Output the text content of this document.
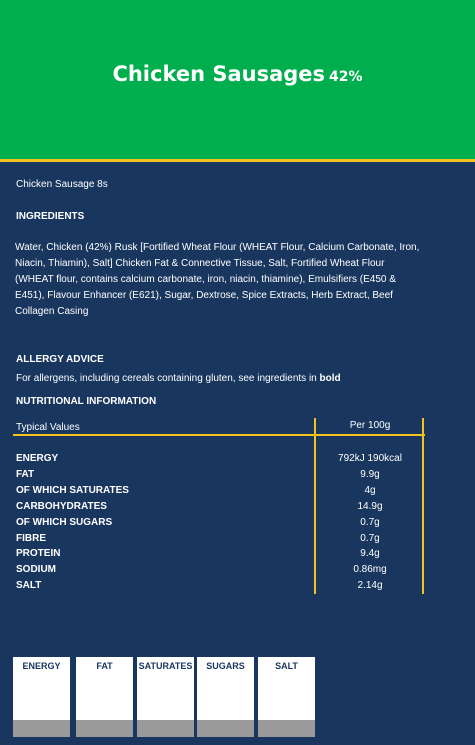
Chicken Sausages 42%
Chicken Sausage 8s
INGREDIENTS
Water, Chicken (42%) Rusk [Fortified Wheat Flour (WHEAT Flour, Calcium Carbonate, Iron, Niacin, Thiamin), Salt] Chicken Fat & Connective Tissue, Salt, Fortified Wheat Flour (WHEAT flour, contains calcium carbonate, iron, niacin, thiamine), Emulsifiers (E450 & E451), Flavour Enhancer (E621), Sugar, Dextrose, Spice Extracts, Herb Extract, Beef Collagen Casing
ALLERGY ADVICE
For allergens, including cereals containing gluten, see ingredients in bold
NUTRITIONAL INFORMATION
Typical Values	Per 100g
ENERGY	792kJ 190kcal
FAT	9.9g
OF WHICH SATURATES	4g
CARBOHYDRATES	14.9g
OF WHICH SUGARS	0.7g
FIBRE	0.7g
PROTEIN	9.4g
SODIUM	0.86mg
SALT	2.14g
ENERGY	FAT	SATURATES	SUGARS	SALT
